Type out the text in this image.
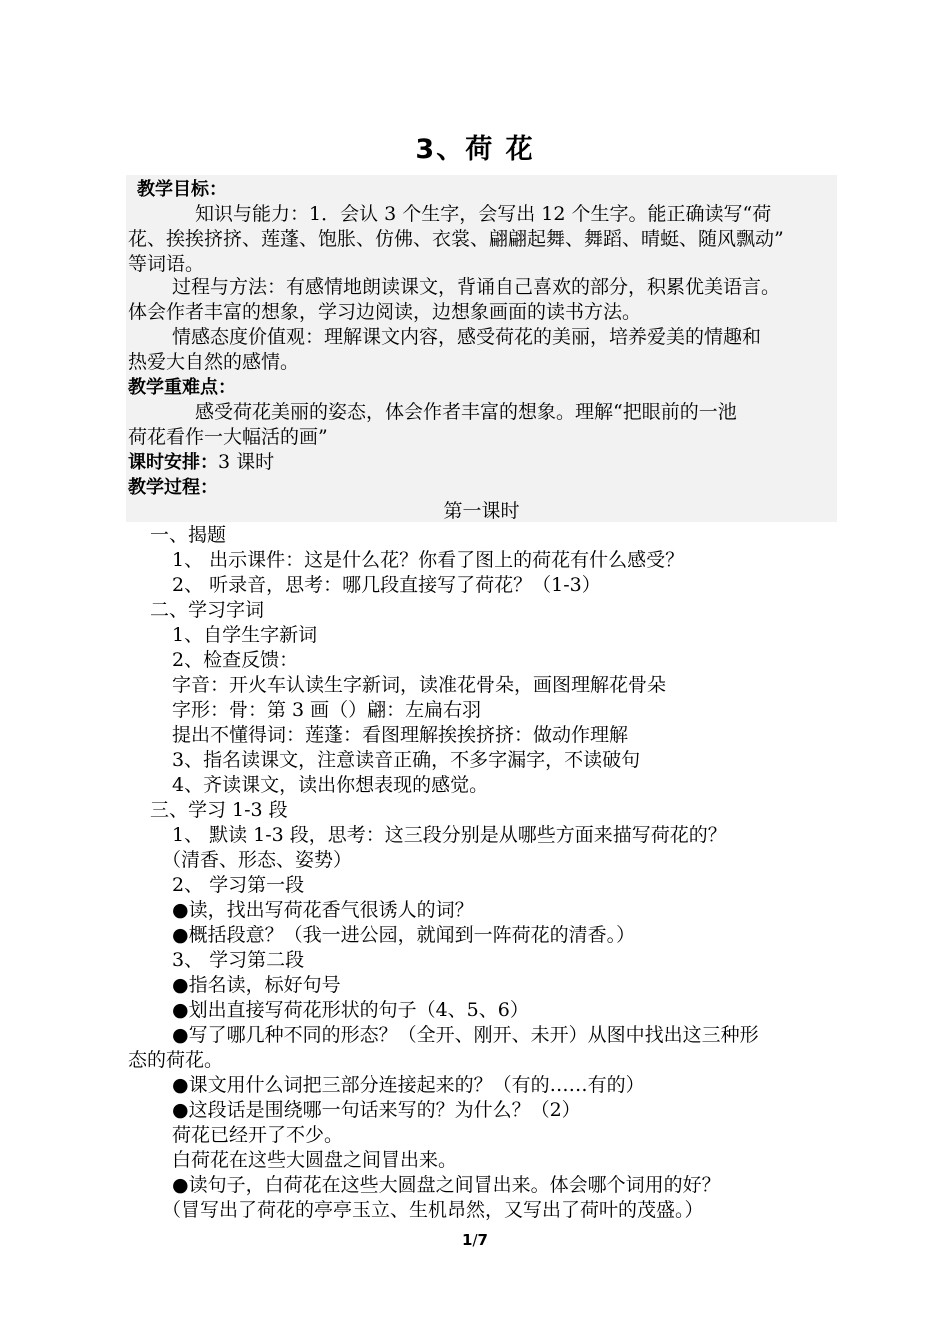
3、荷 花
教学目标：
知识与能力：1．会认 3 个生字，会写出 12 个生字。能正确读写“荷
花、挨挨挤挤、莲蓬、饱胀、仿佛、衣裳、翩翩起舞、舞蹈、晴蜓、随风飘动”
等词语。
过程与方法：有感情地朗读课文，背诵自己喜欢的部分，积累优美语言。
体会作者丰富的想象，学习边阅读，边想象画面的读书方法。
情感态度价值观：理解课文内容，感受荷花的美丽，培养爱美的情趣和
热爱大自然的感情。
教学重难点：
感受荷花美丽的姿态，体会作者丰富的想象。理解“把眼前的一池
荷花看作一大幅活的画”
课时安排：3 课时
教学过程：
第一课时
一、揭题
1、 出示课件：这是什么花？你看了图上的荷花有什么感受？
2、 听录音，思考：哪几段直接写了荷花？（1-3）
二、学习字词
1、自学生字新词
2、检查反馈：
字音：开火车认读生字新词，读准花骨朵，画图理解花骨朵
字形：骨：第 3 画（）翩：左扁右羽
提出不懂得词：莲蓬：看图理解挨挨挤挤：做动作理解
3、指名读课文，注意读音正确，不多字漏字，不读破句
4、齐读课文，读出你想表现的感觉。
三、学习 1-3 段
1、 默读 1-3 段，思考：这三段分别是从哪些方面来描写荷花的？
（清香、形态、姿势）
2、 学习第一段
●读，找出写荷花香气很诱人的词？
●概括段意？（我一进公园，就闻到一阵荷花的清香。）
3、 学习第二段
●指名读，标好句号
●划出直接写荷花形状的句子（4、5、6）
●写了哪几种不同的形态？（全开、刚开、未开）从图中找出这三种形
态的荷花。
●课文用什么词把三部分连接起来的？（有的……有的）
●这段话是围绕哪一句话来写的？为什么？（2）
荷花已经开了不少。
白荷花在这些大圆盘之间冒出来。
●读句子，白荷花在这些大圆盘之间冒出来。体会哪个词用的好？
（冒写出了荷花的亭亭玉立、生机昂然，又写出了荷叶的茂盛。）
1/7
